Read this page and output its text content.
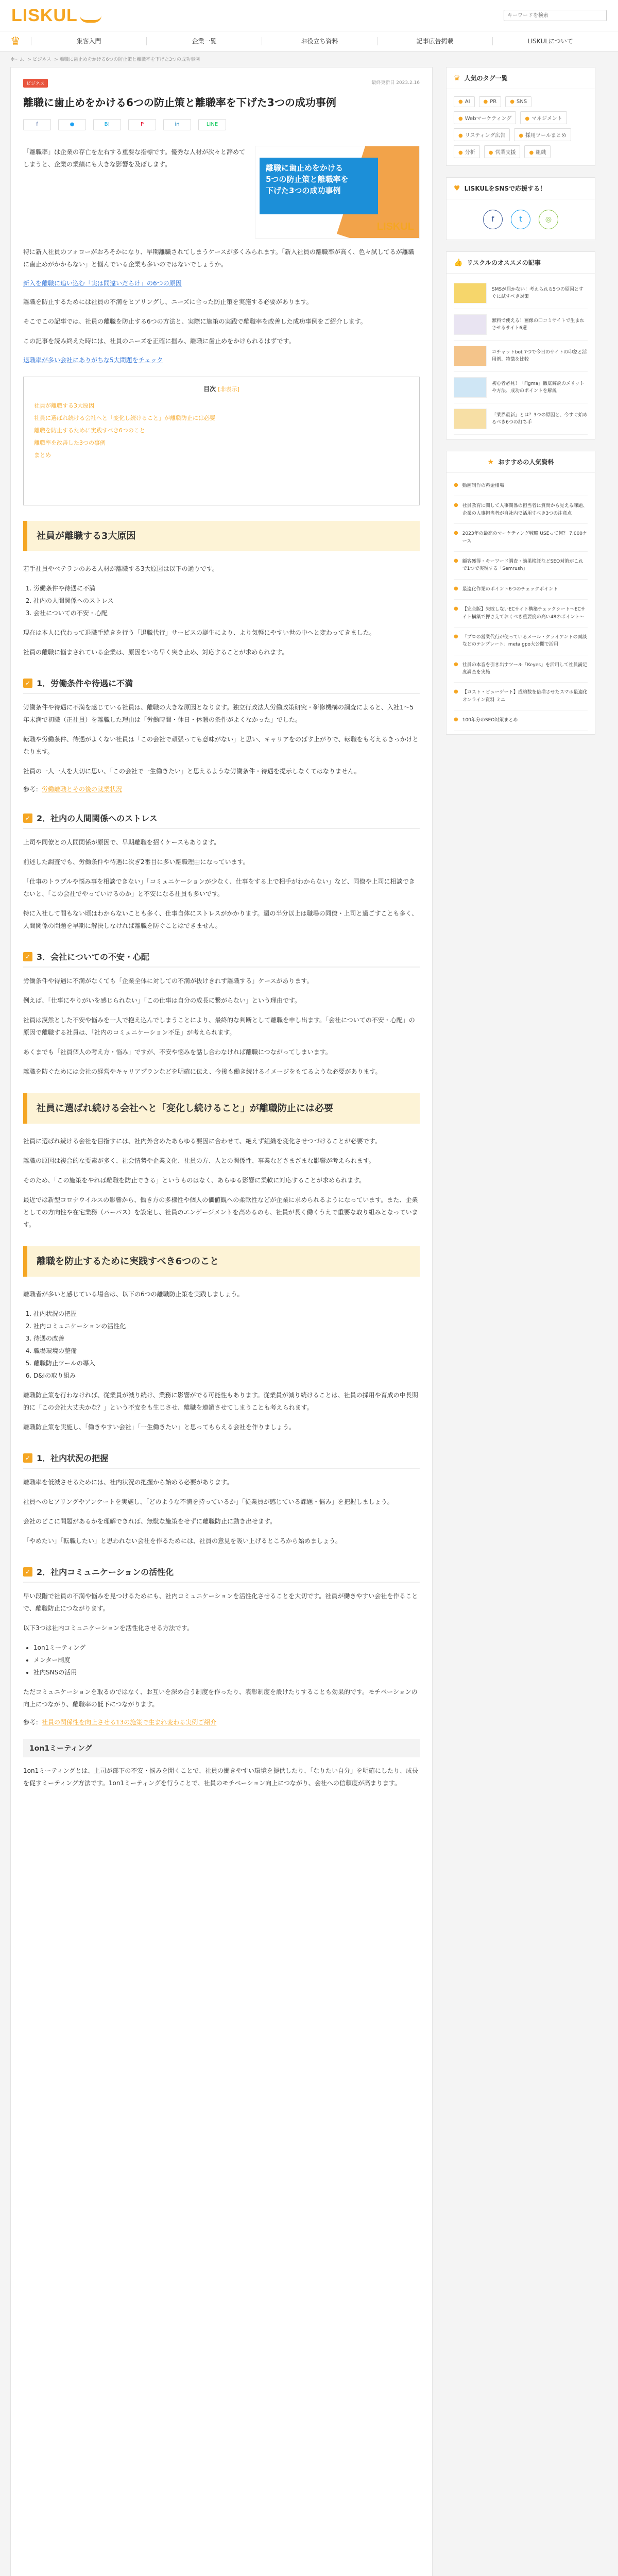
LISKUL
キーワードを検索
♛	集客入門	企業一覧	お役立ち資料	記事広告掲載	LISKULについて
ホーム > ビジネス > 離職に歯止めをかける6つの防止策と離職率を下げた3つの成功事例
ビジネス	最終更新日 2023.2.16
離職に歯止めをかける6つの防止策と離職率を下げた3つの成功事例
f	●	B!	P	in	LINE

「離職率」は企業の存亡を左右する重要な指標です。優秀な人材が次々と辞めてしまうと、企業の業績にも大きな影響を及ぼします。	離職に歯止めをかける
5つの防止策と離職率を
下げた3つの成功事例
LISKUL

特に新入社員のフォローがおろそかになり、早期離職されてしまうケースが多くみられます。「新入社員の離職率が高く、色々試してるが離職に歯止めがかからない」と悩んでいる企業も多いのではないでしょうか。

新入を離職に追い込む「実は間違いだらけ」の6つの原因

離職を防止するためには社員の不満をヒアリングし、ニーズに合った防止策を実施する必要があります。

そこでこの記事では、社員の離職を防止する6つの方法と、実際に施策の実践で離職率を改善した成功事例をご紹介します。

この記事を読み終えた時には、社員のニーズを正確に掴み、離職に歯止めをかけられるはずです。

退職率が多い会社にありがちな5大問題をチェック
目次 [非表示]
社員が離職する3大原因
社員に選ばれ続ける会社へと「変化し続けること」が離職防止には必要
離職を防止するために実践すべき6つのこと
離職率を改善した3つの事例
まとめ
社員が離職する3大原因

若手社員やベテランのある人材が離職する3大原因は以下の通りです。

1. 労働条件や待遇に不満
2. 社内の人間関係へのストレス
3. 会社についての不安・心配

現在は本人に代わって退職手続きを行う「退職代行」サービスの誕生により、より気軽にやすい世の中へと変わってきました。

社員の離職に悩まされている企業は、原因をいち早く突き止め、対応することが求められます。

✓ 1．労働条件や待遇に不満

労働条件や待遇に不満を感じている社員は、離職の大きな原因となります。独立行政法人労働政策研究・研修機構の調査によると、入社1〜5年未満で初職（正社員）を離職した理由は「労働時間・休日・休暇の条件がよくなかった」でした。

転職や労働条件、待遇がよくない社員は「この会社で頑張っても意味がない」と思い、キャリアをのばす上がりで、転職をも考えるきっかけとなります。

社員の一人一人を大切に思い、「この会社で一生働きたい」と思えるような労働条件・待遇を提示しなくてはなりません。

参考：労働離職とその後の就業状況
✓ 2．社内の人間関係へのストレス

上司や同僚との人間関係が原因で、早期離職を招くケースもあります。

前述した調査でも、労働条件や待遇に次ぎ2番目に多い離職理由になっています。

「仕事のトラブルや悩み事を相談できない」「コミュニケーションが少なく、仕事をする上で相手がわからない」など、同僚や上司に相談できないと、「この会社でやっていけるのか」と不安になる社員も多いです。

特に入社して間もない頃はわからないことも多く、仕事自体にストレスがかかります。週の半分以上は職場の同僚・上司と過ごすことも多く、人間関係の問題を早期に解決しなければ離職を防ぐことはできません。

✓ 3．会社についての不安・心配

労働条件や待遇に不満がなくても「企業全体に対しての不満が抜けきれず離職する」ケースがあります。

例えば、「仕事にやりがいを感じられない」「この仕事は自分の成長に繋がらない」という理由です。

社員は漠然とした不安や悩みを一人で抱え込んでしまうことにより、最終的な判断として離職を申し出ます。「会社についての不安・心配」の原因で離職する社員は、「社内のコミュニケーション不足」が考えられます。

あくまでも「社員個人の考え方・悩み」ですが、不安や悩みを話し合わなければ離職につながってしまいます。

離職を防ぐためには会社の経営やキャリアプランなどを明確に伝え、今後も働き続けるイメージをもてるような必要があります。

社員に選ばれ続ける会社へと「変化し続けること」が離職防止には必要

社員に選ばれ続ける会社を目指すには、社内外含めたあらゆる要因に合わせて、絶えず組織を変化させつづけることが必要です。

離職の原因は複合的な要素が多く、社会情勢や企業文化、社員の方、人との関係性、事業などさまざまな影響が考えられます。

そのため、「この施策をやれば離職を防止できる」というものはなく、あらゆる影響に柔軟に対応することが求められます。

最近では新型コロナウイルスの影響から、働き方の多様性や個人の価値観への柔軟性などが企業に求められるようになっています。また、企業としての方向性や在宅業務（パーパス）を設定し、社員のエンゲージメントを高めるのも、社員が長く働くうえで重要な取り組みとなっています。

離職を防止するために実践すべき6つのこと

離職者が多いと感じている場合は、以下の6つの離職防止策を実践しましょう。

1. 社内状況の把握
2. 社内コミュニケーションの活性化
3. 待遇の改善
4. 職場環境の整備
5. 離職防止ツールの導入
6. D&Iの取り組み

離職防止策を行わなければ、従業員が減り続け、業務に影響がでる可能性もあります。従業員が減り続けることは、社員の採用や育成の中長期的に「この会社大丈夫かな？」という不安をも生じさせ、離職を連鎖させてしまうことも考えられます。

離職防止策を実施し、「働きやすい会社」「一生働きたい」と思ってもらえる会社を作りましょう。

✓ 1．社内状況の把握

離職率を低減させるためには、社内状況の把握から始める必要があります。

社員へのヒアリングやアンケートを実施し、「どのような不満を持っているか」「従業員が感じている課題・悩み」を把握しましょう。

会社のどこに問題があるかを理解できれば、無駄な施策をせずに離職防止に動き出せます。

「やめたい」「転職したい」と思われない会社を作るためには、社員の意見を吸い上げるところから始めましょう。

✓ 2．社内コミュニケーションの活性化

早い段階で社員の不満や悩みを見つけるためにも、社内コミュニケーションを活性化させることを大切です。社員が働きやすい会社を作ることで、離職防止につながります。

以下3つは社内コミュニケーションを活性化させる方法です。

• 1on1ミーティング
• メンター制度
• 社内SNSの活用

ただコミュニケーションを取るのではなく、お互いを深め合う制度を作ったり、表彰制度を設けたりすることも効果的です。モチベーションの向上につながり、離職率の低下につながります。

参考：社員の関係性を向上させる13の施策で生まれ変わる実例ご紹介
1on1ミーティング

1on1ミーティングとは、上司が部下の不安・悩みを聞くことで、社員の働きやすい環境を提供したり、「なりたい自分」を明確にしたり、成長を促すミーティング方法です。1on1ミーティングを行うことで、社員のモチベーション向上につながり、会社への信頼度が高まります。

♛ 人気のタグ一覧
● AI	● PR	● SNS
● Webマーケティング	● マネジメント
● リスティング広告	● 採用ツールまとめ
● 分析	● 営業支援	● 組織
♥ LISKULをSNSで応援する！
f	t	◎
👍 リスクルのオススメの記事

SMSが届かない！考えられる5つの原因とすぐに試すべき対策

無料で使える！画像の口コミサイトで生まれさせるサイト6選

コチャットbot 7つで今日のサイトの印象と活用例、特徴を比較

初心者必見！「Figma」徹底解説のメリットや方法、成功のポイントを解説

「業界最新」とは？3つの原因と、今すぐ始めるべき6つの打ち手

★ おすすめの人気資料
● 動画制作の料金相場

● 社員教育に関して人事関係の担当者に質問から見える課題、企業の人事担当者が自社内で活用すべき3つの注意点

● 2023年の最高のマーケティング戦略 USEって何？ 7,000ケース

● 顧客獲得・キーワード調査・効果検証などSEO対策がこれで1つで実現する「Semrush」

● 最適化作業のポイント6つのチェックポイント

● 【完全版】失敗しないECサイト構築チェックシート〜ECサイト構築で押さえておくべき重要度の高い48のポイント〜

● 「プロの営業代行が使っているメール・クライアントの面談などのテンプレート」meta gpo大公開で活用

● 社員の本音を引き出すツール「Keyes」を活用して社員満足度調査を実施

● 【コスト・ビューゲート】成約数を倍増させたスマホ最適化 オンライン資料 ミニ

● 100年分のSEO対策まとめ
